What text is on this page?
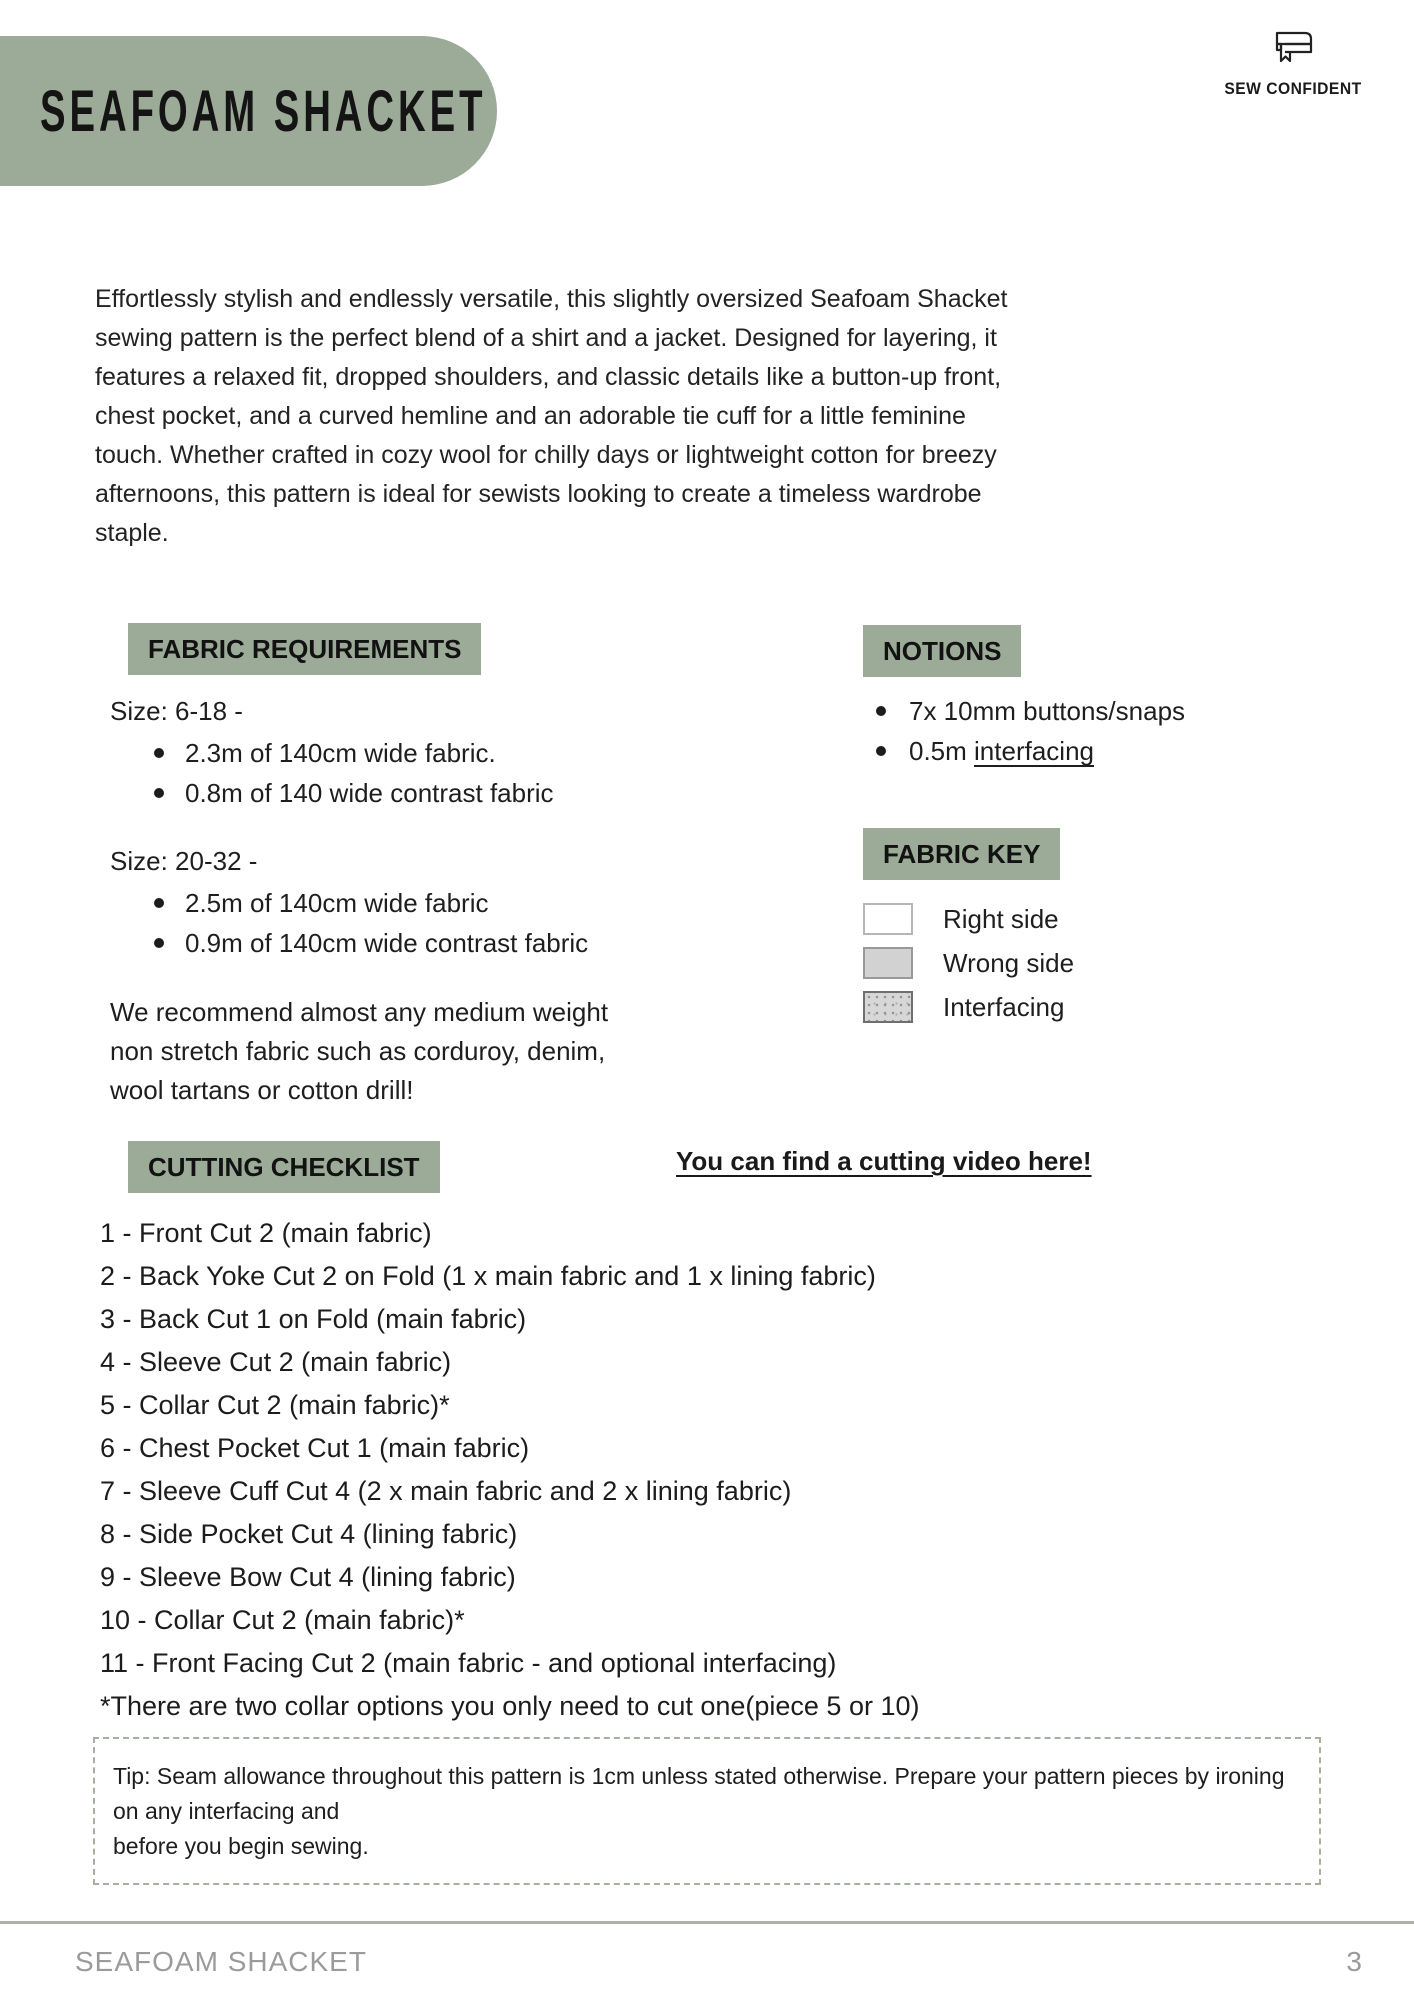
SEAFOAM SHACKET	SEW CONFIDENT
Effortlessly stylish and endlessly versatile, this slightly oversized Seafoam Shacket sewing pattern is the perfect blend of a shirt and a jacket. Designed for layering, it features a relaxed fit, dropped shoulders, and classic details like a button-up front, chest pocket, and a curved hemline and an adorable tie cuff for a little feminine touch. Whether crafted in cozy wool for chilly days or lightweight cotton for breezy afternoons, this pattern is ideal for sewists looking to create a timeless wardrobe staple.
FABRIC REQUIREMENTS
Size: 6-18 -
2.3m of 140cm wide fabric.
0.8m of 140 wide contrast fabric
Size: 20-32 -
2.5m of 140cm wide fabric
0.9m of 140cm wide contrast fabric
We recommend almost any medium weight non stretch fabric such as corduroy, denim, wool tartans or cotton drill!
NOTIONS
7x 10mm buttons/snaps
0.5m interfacing
FABRIC KEY
Right side
Wrong side
Interfacing
CUTTING CHECKLIST	You can find a cutting video here!
1 - Front Cut 2 (main fabric)
2 - Back Yoke Cut 2 on Fold (1 x main fabric and 1 x lining fabric)
3 - Back Cut 1 on Fold (main fabric)
4 - Sleeve Cut 2 (main fabric)
5 - Collar Cut 2 (main fabric)*
6 - Chest Pocket Cut 1 (main fabric)
7 - Sleeve Cuff Cut 4 (2 x main fabric and 2 x lining fabric)
8 - Side Pocket Cut 4 (lining fabric)
9 - Sleeve Bow Cut 4 (lining fabric)
10 - Collar Cut 2 (main fabric)*
11 - Front Facing Cut 2 (main fabric - and optional interfacing)
*There are two collar options you only need to cut one(piece 5 or 10)
Tip: Seam allowance throughout this pattern is 1cm unless stated otherwise. Prepare your pattern pieces by ironing on any interfacing and
before you begin sewing.
SEAFOAM SHACKET	3
